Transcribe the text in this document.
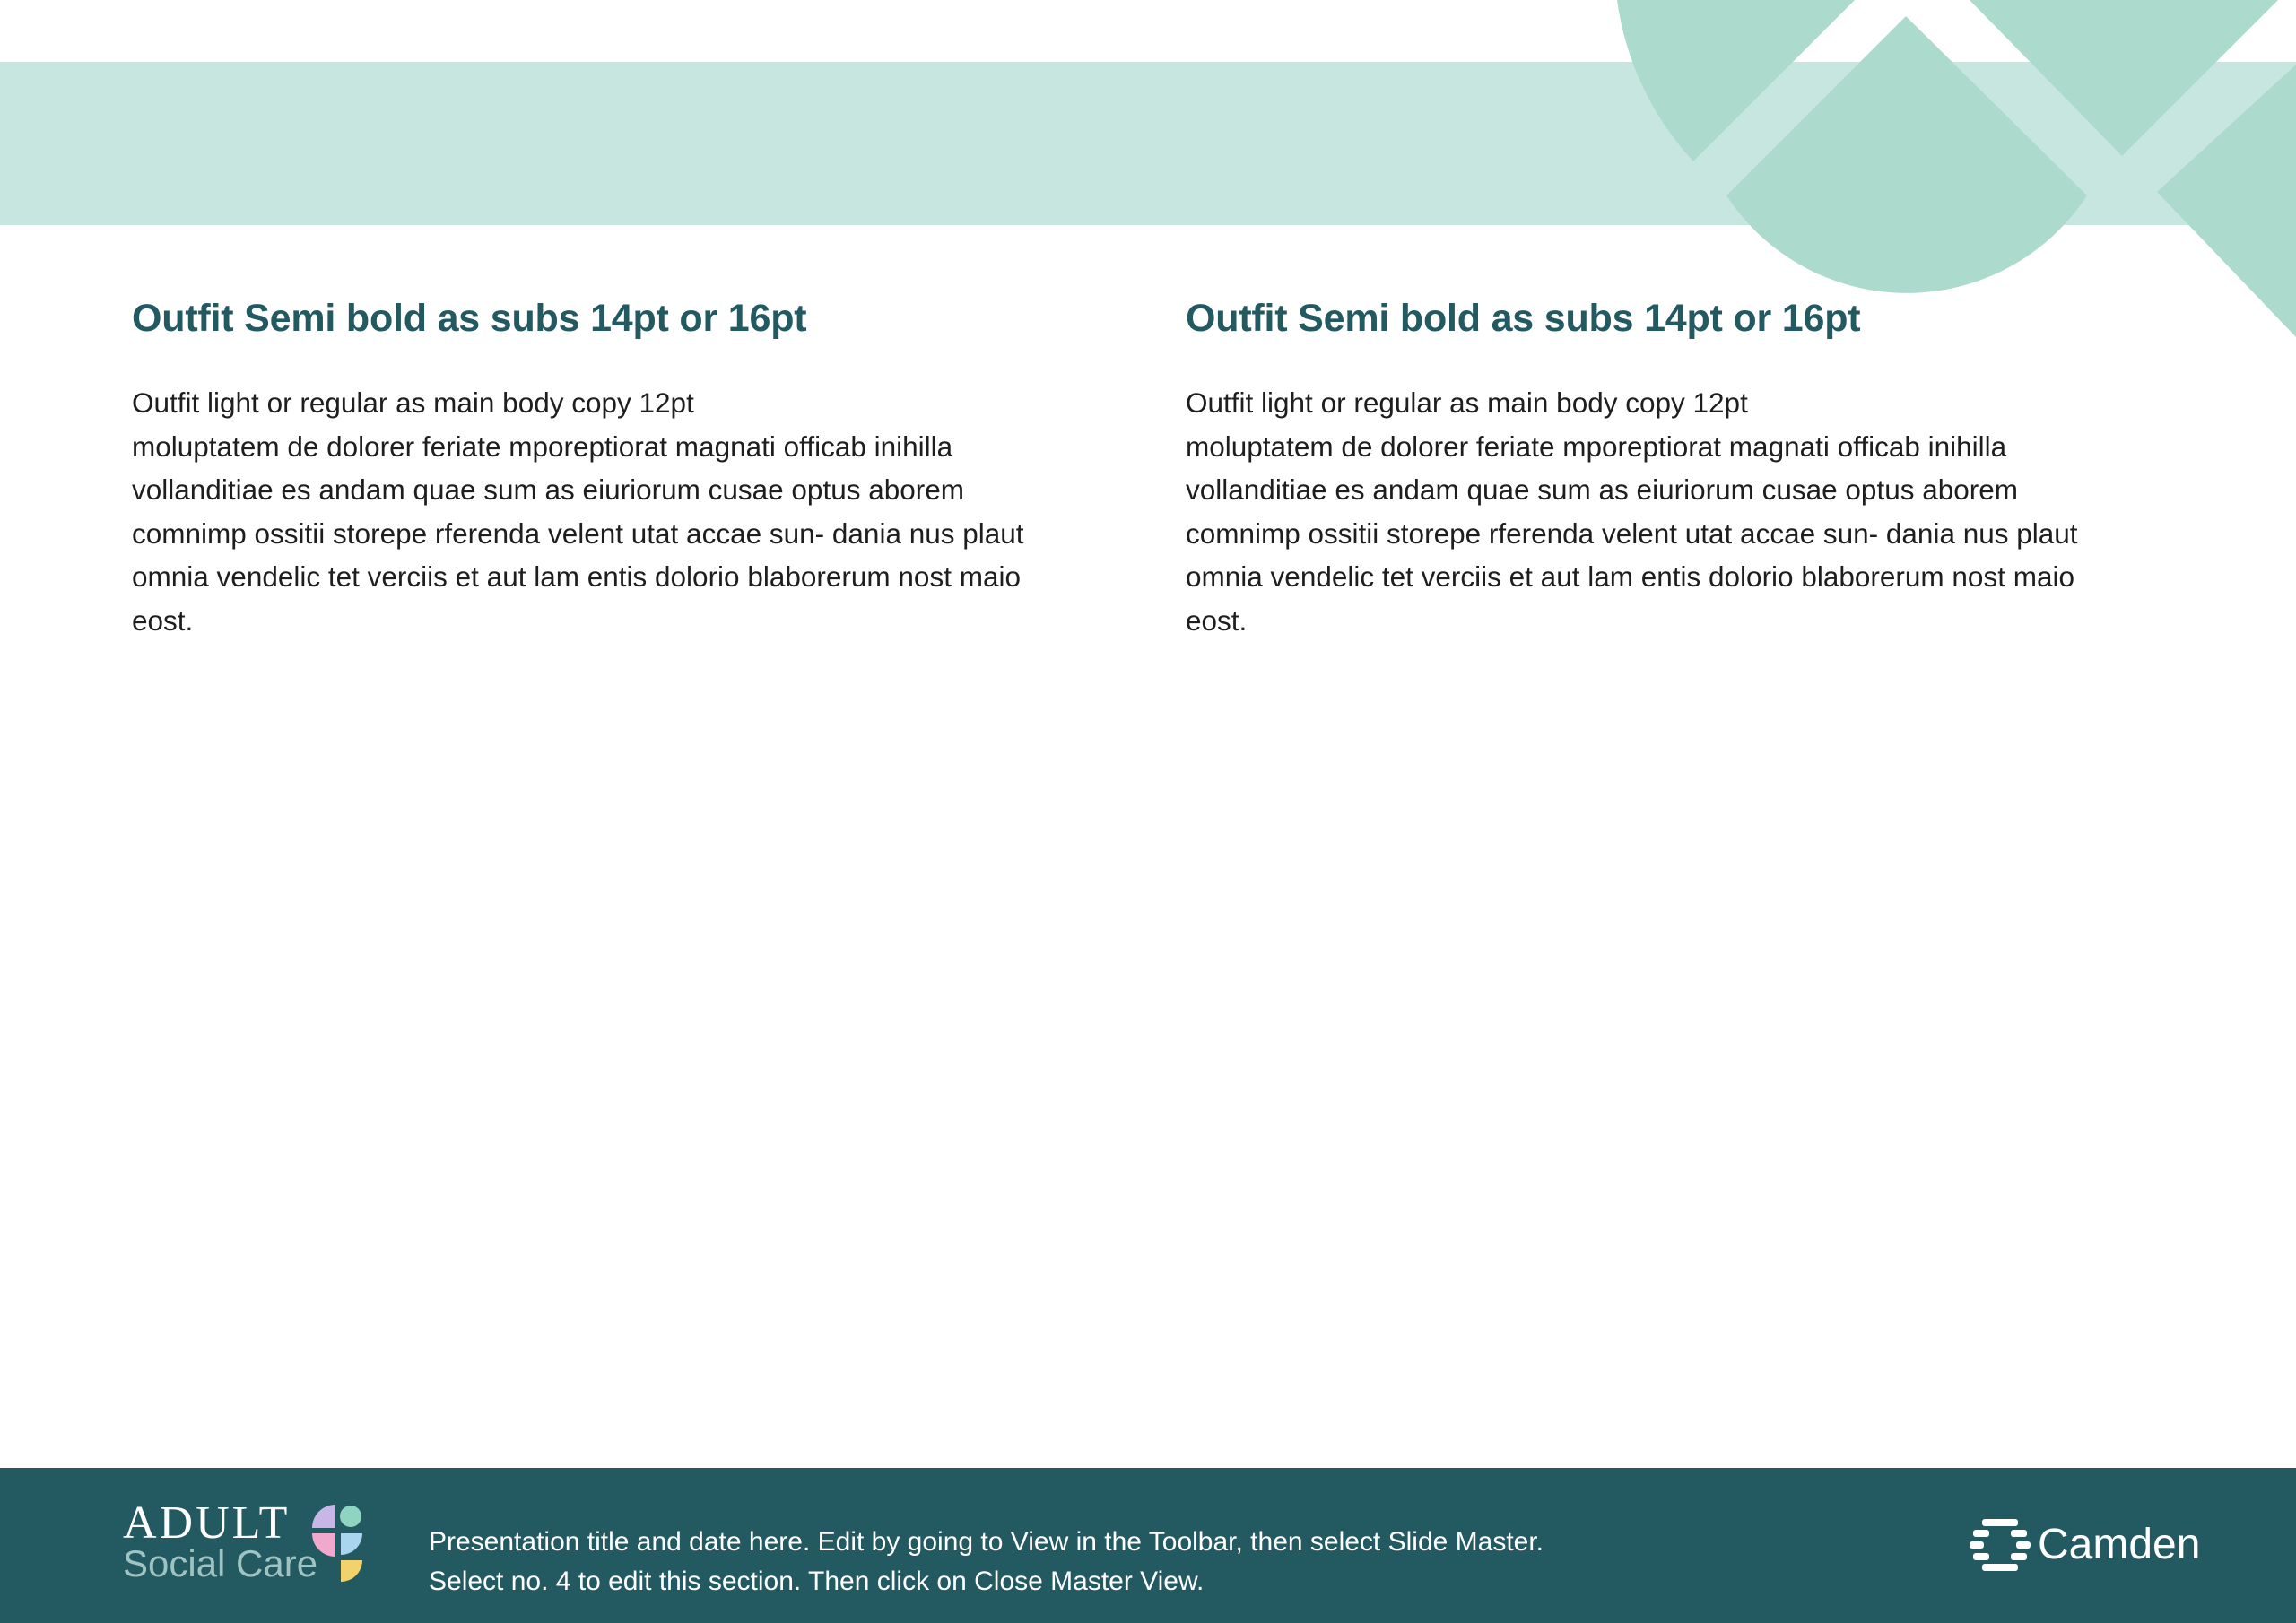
Outfit Semi bold as subs 14pt or 16pt

Outfit light or regular as main body copy 12pt

moluptatem de dolorer feriate mporeptiorat magnati officab inihilla vollanditiae es andam quae sum as eiuriorum cusae optus aborem comnimp ossitii storepe rferenda velent utat accae sun- dania nus plaut omnia vendelic tet verciis et aut lam entis dolorio blaborerum nost maio eost.

Outfit Semi bold as subs 14pt or 16pt

Outfit light or regular as main body copy 12pt

moluptatem de dolorer feriate mporeptiorat magnati officab inihilla vollanditiae es andam quae sum as eiuriorum cusae optus aborem comnimp ossitii storepe rferenda velent utat accae sun- dania nus plaut omnia vendelic tet verciis et aut lam entis dolorio blaborerum nost maio eost.

ADULT
Social Care

Presentation title and date here. Edit by going to View in the Toolbar, then select Slide Master. Select no. 4 to edit this section. Then click on Close Master View.

Camden
